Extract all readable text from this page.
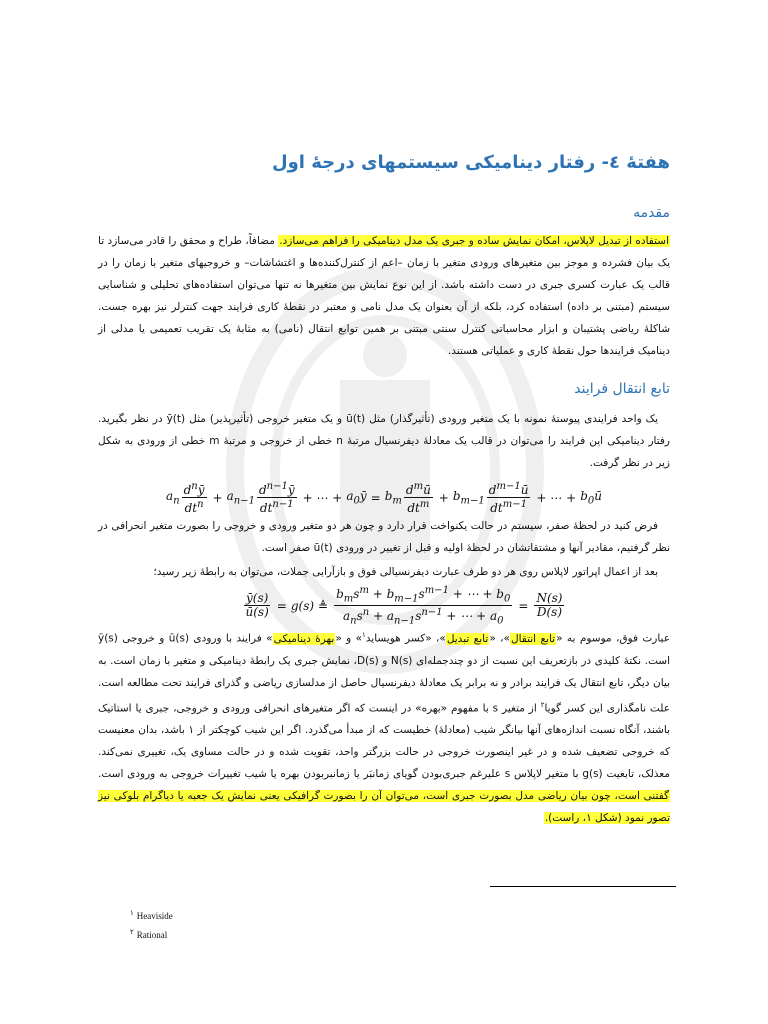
هفتۀ ٤- رفتار دینامیکی سیستمهای درجۀ اول
مقدمه

استفاده از تبدیل لاپلاس، امکان نمایش ساده و جبری یک مدل دینامیکی را فراهم می‌سازد. مضافاً، طراح و محقق را قادر می‌سازد تا یک بیان فشرده و موجز بین متغیرهای ورودی متغیر با زمان –اعم از کنترل‌کننده‌ها و اغتشاشات– و خروجیهای متغیر با زمان را در قالب یک عبارت کسری جبری در دست داشته باشد. از این نوع نمایش بین متغیرها نه تنها می‌توان استفاده‌های تحلیلی و شناسایی سیستم (مبتنی بر داده) استفاده کرد، بلکه از آن بعنوان یک مدل نامی و معتبر در نقطۀ کاری فرایند جهت کنترلر نیز بهره جست. شاکلۀ ریاضی پشتیبان و ابزار محاسباتی کنترل سنتی مبتنی بر همین توابع انتقال (نامی) به مثابۀ یک تقریب تعمیمی یا مدلی از دینامیک فرایندها حول نقطۀ کاری و عملیاتی هستند.

تابع انتقال فرایند

یک واحد فرایندی پیوستۀ نمونه با یک متغیر ورودی (تأثیرگذار) مثل ū(t) و یک متغیر خروجی (تأثیرپذیر) مثل ȳ(t) در نظر بگیرید. رفتار دینامیکی این فرایند را می‌توان در قالب یک معادلۀ دیفرنسیال مرتبۀ n خطی از خروجی و مرتبۀ m خطی از ورودی به شکل زیر در نظر گرفت.

$a_n \frac{d^nȳ}{dt^n} + a_{n-1} \frac{d^{n-1}ȳ}{dt^{n-1}}$ + ⋯ + $a_0ȳ = b_m \frac{d^mū}{dt^m} + b_{m-1} \frac{d^{m-1}ū}{dt^{m-1}}$ + ⋯ + $b_0ū$

فرض کنید در لحظۀ صفر، سیستم در حالت یکنواخت قرار دارد و چون هر دو متغیر ورودی و خروجی را بصورت متغیر انحرافی در نظر گرفتیم، مقادیر آنها و مشتقاتشان در لحظۀ اولیه و قبل از تغییر در ورودی ū(t) صفر است.

بعد از اعمال اپراتور لاپلاس روی هر دو طرف عبارت دیفرنسیالی فوق و بازآرایی جملات، می‌توان به رابطۀ زیر رسید؛

$\frac{ȳ(s)}{ū(s)} = g(s)$ ≜ $\frac{b_ms^m + b_{m-1}s^{m-1} + \cdots + b_0}{a_ns^n + a_{n-1}s^{n-1} + \cdots + a_0} = \frac{N(s)}{D(s)}$

عبارت فوق، موسوم به «تابع انتقال»، «تابع تبدیل»، «کسر هویساید$^١$» و «بهرۀ دینامیکی» فرایند با ورودی ū(s) و خروجی ȳ(s) است. نکتۀ کلیدی در بازتعریف این نسبت از دو چندجمله‌ای N(s) و D(s)، نمایش جبری یک رابطۀ دینامیکی و متغیر با زمان است. به بیان دیگر، تابع انتقال یک فرایند برادر و نه برابر یک معادلۀ دیفرنسیال حاصل از مدلسازی ریاضی و گذرای فرایند تحت مطالعه است. علت نامگذاری این کسر گویا$^٢$ از متغیر s با مفهوم «بهره» در اینست که اگر متغیرهای انحرافی ورودی و خروجی، جبری یا استاتیک باشند، آنگاه نسبت اندازه‌های آنها بیانگر شیب (معادلۀ) خطیست که از مبدأ می‌گذرد. اگر این شیب کوچکتر از ١ باشد، بدان معنیست که خروجی تضعیف شده و در غیر اینصورت خروجی در حالت بزرگتر واحد، تقویت شده و در حالت مساوی یک، تغییری نمی‌کند. معذلک، تابعیت g(s) با متغیر لاپلاس s علیرغم جبری‌بودن گویای زمانبَر یا زمانبربودن بهره یا شیب تغییرات خروجی به ورودی است. گفتنی است، چون بیان ریاضی مدل بصورت جبری است، می‌توان آن را بصورت گرافیکی یعنی نمایش یک جعبه یا دیاگرام بلوکی نیز تصور نمود (شکل ١، راست).

$^١$ Heaviside
$^٢$ Rational
